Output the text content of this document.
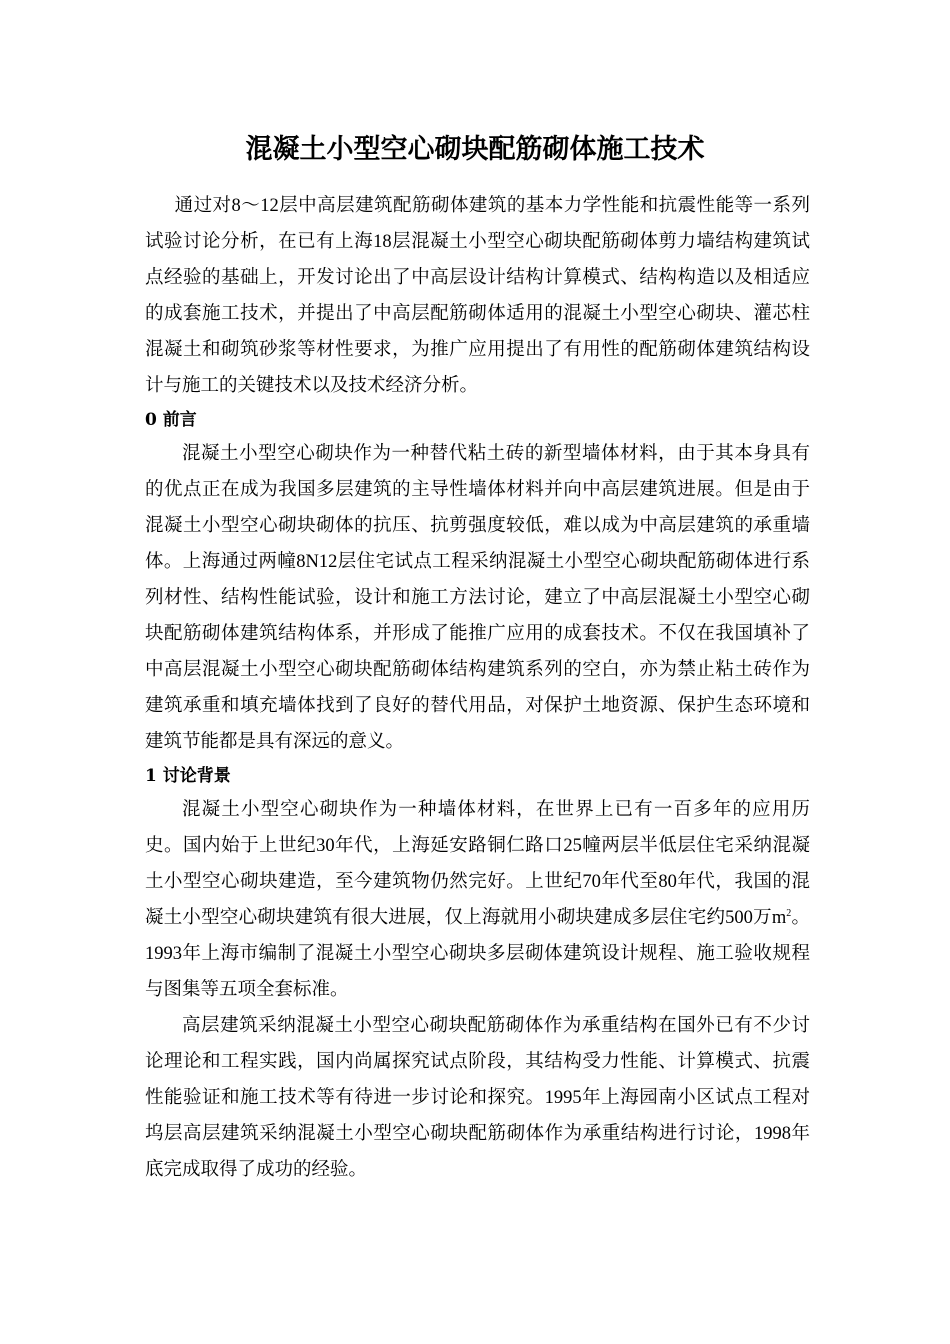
混凝土小型空心砌块配筋砌体施工技术

通过对8～12层中高层建筑配筋砌体建筑的基本力学性能和抗震性能等一系列试验讨论分析，在已有上海18层混凝土小型空心砌块配筋砌体剪力墙结构建筑试点经验的基础上，开发讨论出了中高层设计结构计算模式、结构构造以及相适应的成套施工技术，并提出了中高层配筋砌体适用的混凝土小型空心砌块、灌芯柱混凝土和砌筑砂浆等材性要求，为推广应用提出了有用性的配筋砌体建筑结构设计与施工的关键技术以及技术经济分析。

0 前言

混凝土小型空心砌块作为一种替代粘土砖的新型墙体材料，由于其本身具有的优点正在成为我国多层建筑的主导性墙体材料并向中高层建筑进展。但是由于混凝土小型空心砌块砌体的抗压、抗剪强度较低，难以成为中高层建筑的承重墙体。上海通过两幢8N12层住宅试点工程采纳混凝土小型空心砌块配筋砌体进行系列材性、结构性能试验，设计和施工方法讨论，建立了中高层混凝土小型空心砌块配筋砌体建筑结构体系，并形成了能推广应用的成套技术。不仅在我国填补了中高层混凝土小型空心砌块配筋砌体结构建筑系列的空白，亦为禁止粘土砖作为建筑承重和填充墙体找到了良好的替代用品，对保护土地资源、保护生态环境和建筑节能都是具有深远的意义。

1 讨论背景

混凝土小型空心砌块作为一种墙体材料，在世界上已有一百多年的应用历史。国内始于上世纪30年代，上海延安路铜仁路口25幢两层半低层住宅采纳混凝土小型空心砌块建造，至今建筑物仍然完好。上世纪70年代至80年代，我国的混凝土小型空心砌块建筑有很大进展，仅上海就用小砌块建成多层住宅约500万$m^2$。1993年上海市编制了混凝土小型空心砌块多层砌体建筑设计规程、施工验收规程与图集等五项全套标准。

高层建筑采纳混凝土小型空心砌块配筋砌体作为承重结构在国外已有不少讨论理论和工程实践，国内尚属探究试点阶段，其结构受力性能、计算模式、抗震性能验证和施工技术等有待进一步讨论和探究。1995年上海园南小区试点工程对坞层高层建筑采纳混凝土小型空心砌块配筋砌体作为承重结构进行讨论，1998年底完成取得了成功的经验。
